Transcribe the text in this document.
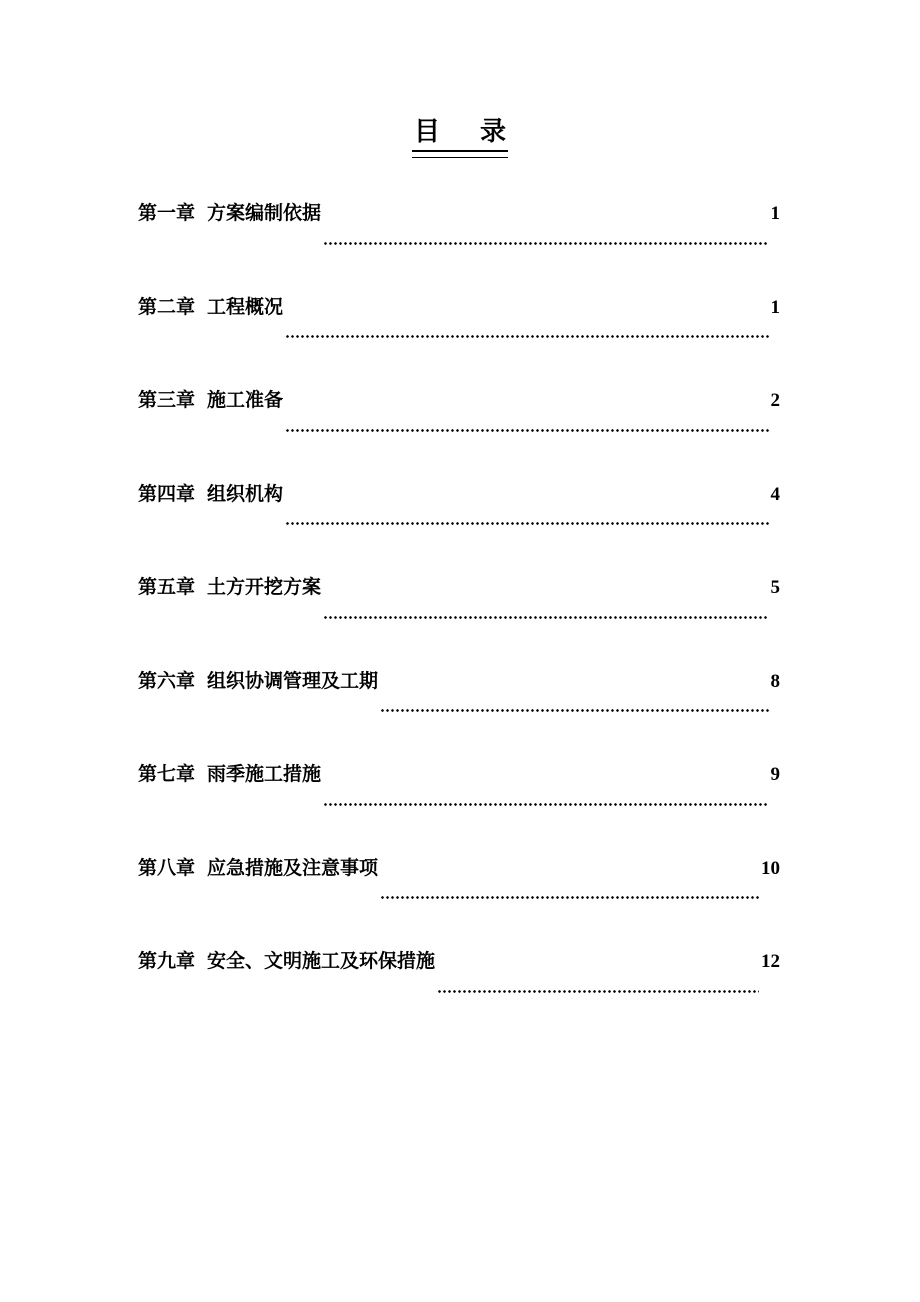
目 录
第一章 方案编制依据	1
第二章 工程概况	1
第三章 施工准备	2
第四章 组织机构	4
第五章 土方开挖方案	5
第六章 组织协调管理及工期	8
第七章 雨季施工措施	9
第八章 应急措施及注意事项	10
第九章 安全、文明施工及环保措施	12
